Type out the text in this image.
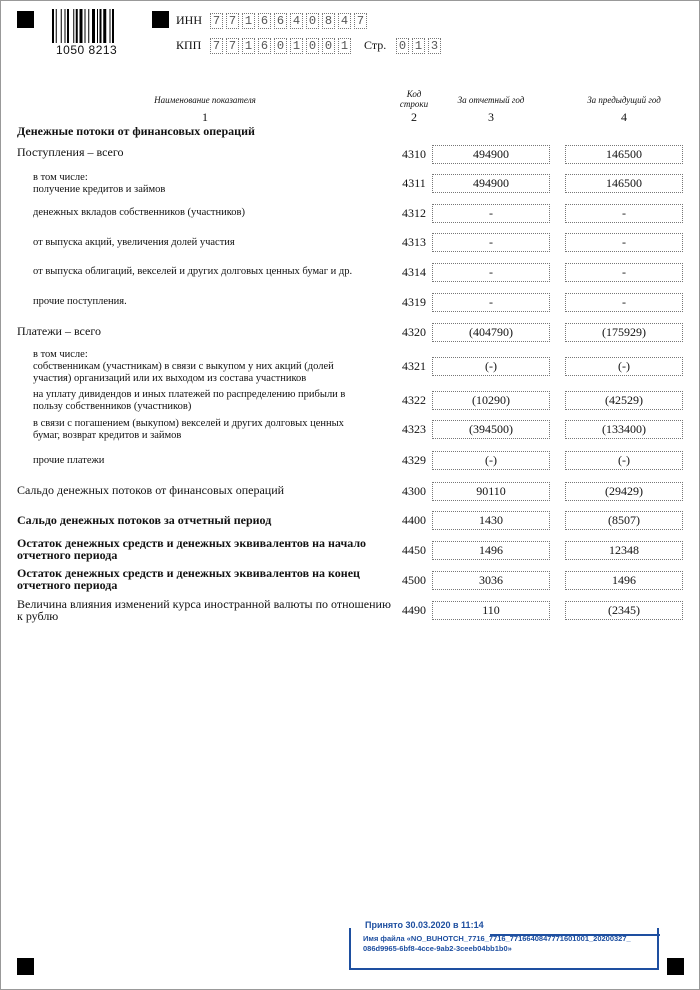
1050 8213
ИНН 7 7 1 6 6 4 0 8 4 7
КПП 7 7 1 6 0 1 0 0 1 Стр. 0 1 3
Наименование показателя
Код
строки	За отчетный год	За предыдущий год
1	2	3	4
Денежные потоки от финансовых операций
Поступления – всего	4310	494900	146500
в том числе:
получение кредитов и займов	4311	494900	146500
денежных вкладов собственников (участников)	4312	-	-
от выпуска акций, увеличения долей участия	4313	-	-
от выпуска облигаций, векселей и других долговых ценных бумаг и др.	4314	-	-
прочие поступления.	4319	-	-
Платежи – всего	4320	(404790)	(175929)
в том числе:
собственникам (участникам) в связи с выкупом у них акций (долей
участия) организаций или их выходом из состава участников
4321	(-)	(-)
на уплату дивидендов и иных платежей по распределению прибыли в
пользу собственников (участников)	4322	(10290)	(42529)
в связи с погашением (выкупом) векселей и других долговых ценных
бумаг, возврат кредитов и займов	4323	(394500)	(133400)
прочие платежи	4329	(-)	(-)
Сальдо денежных потоков от финансовых операций	4300	90110	(29429)
Сальдо денежных потоков за отчетный период	4400	1430	(8507)
Остаток денежных средств и денежных эквивалентов на начало
отчетного периода	4450	1496	12348
Остаток денежных средств и денежных эквивалентов на конец
отчетного периода	4500	3036	1496
Величина влияния изменений курса иностранной валюты по отношению
к рублю	4490	110	(2345)
Принято 30.03.2020 в 11:14
Имя файла «NO_BUHOTCH_7716_7716_7716640847771601001_20200327_
086d9965-6bf8-4cce-9ab2-3ceeb04bb1b0»
